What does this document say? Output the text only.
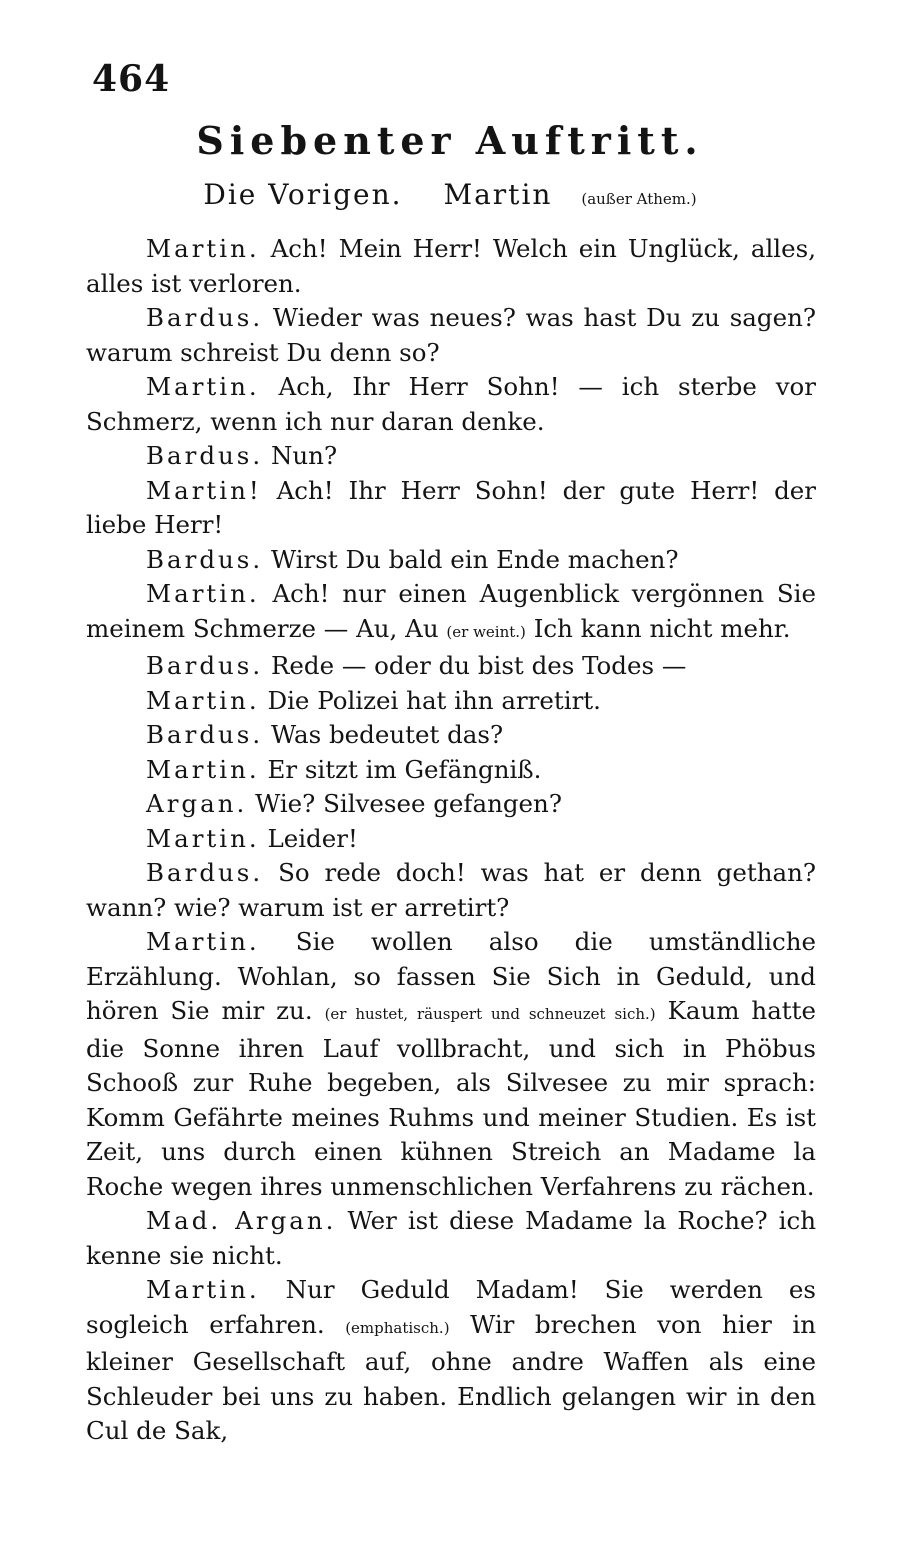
464
Siebenter Auftritt.
Die Vorigen. Martin (außer Athem.)

Martin. Ach! Mein Herr! Welch ein Unglück, alles, alles ist verloren.

Bardus. Wieder was neues? was hast Du zu sagen? warum schreist Du denn so?

Martin. Ach, Ihr Herr Sohn! — ich sterbe vor Schmerz, wenn ich nur daran denke.

Bardus. Nun?

Martin! Ach! Ihr Herr Sohn! der gute Herr! der liebe Herr!

Bardus. Wirst Du bald ein Ende machen?

Martin. Ach! nur einen Augenblick vergönnen Sie meinem Schmerze — Au, Au (er weint.) Ich kann nicht mehr.

Bardus. Rede — oder du bist des Todes —

Martin. Die Polizei hat ihn arretirt.

Bardus. Was bedeutet das?

Martin. Er sitzt im Gefängniß.

Argan. Wie? Silvesee gefangen?

Martin. Leider!

Bardus. So rede doch! was hat er denn gethan? wann? wie? warum ist er arretirt?

Martin. Sie wollen also die umständliche Erzählung. Wohlan, so fassen Sie Sich in Geduld, und hören Sie mir zu. (er hustet, räuspert und schneuzet sich.) Kaum hatte die Sonne ihren Lauf vollbracht, und sich in Phöbus Schooß zur Ruhe begeben, als Silvesee zu mir sprach: Komm Gefährte meines Ruhms und meiner Studien. Es ist Zeit, uns durch einen kühnen Streich an Madame la Roche wegen ihres unmenschlichen Verfahrens zu rächen.

Mad. Argan. Wer ist diese Madame la Roche? ich kenne sie nicht.

Martin. Nur Geduld Madam! Sie werden es sogleich erfahren. (emphatisch.) Wir brechen von hier in kleiner Gesellschaft auf, ohne andre Waffen als eine Schleuder bei uns zu haben. Endlich gelangen wir in den Cul de Sak,
